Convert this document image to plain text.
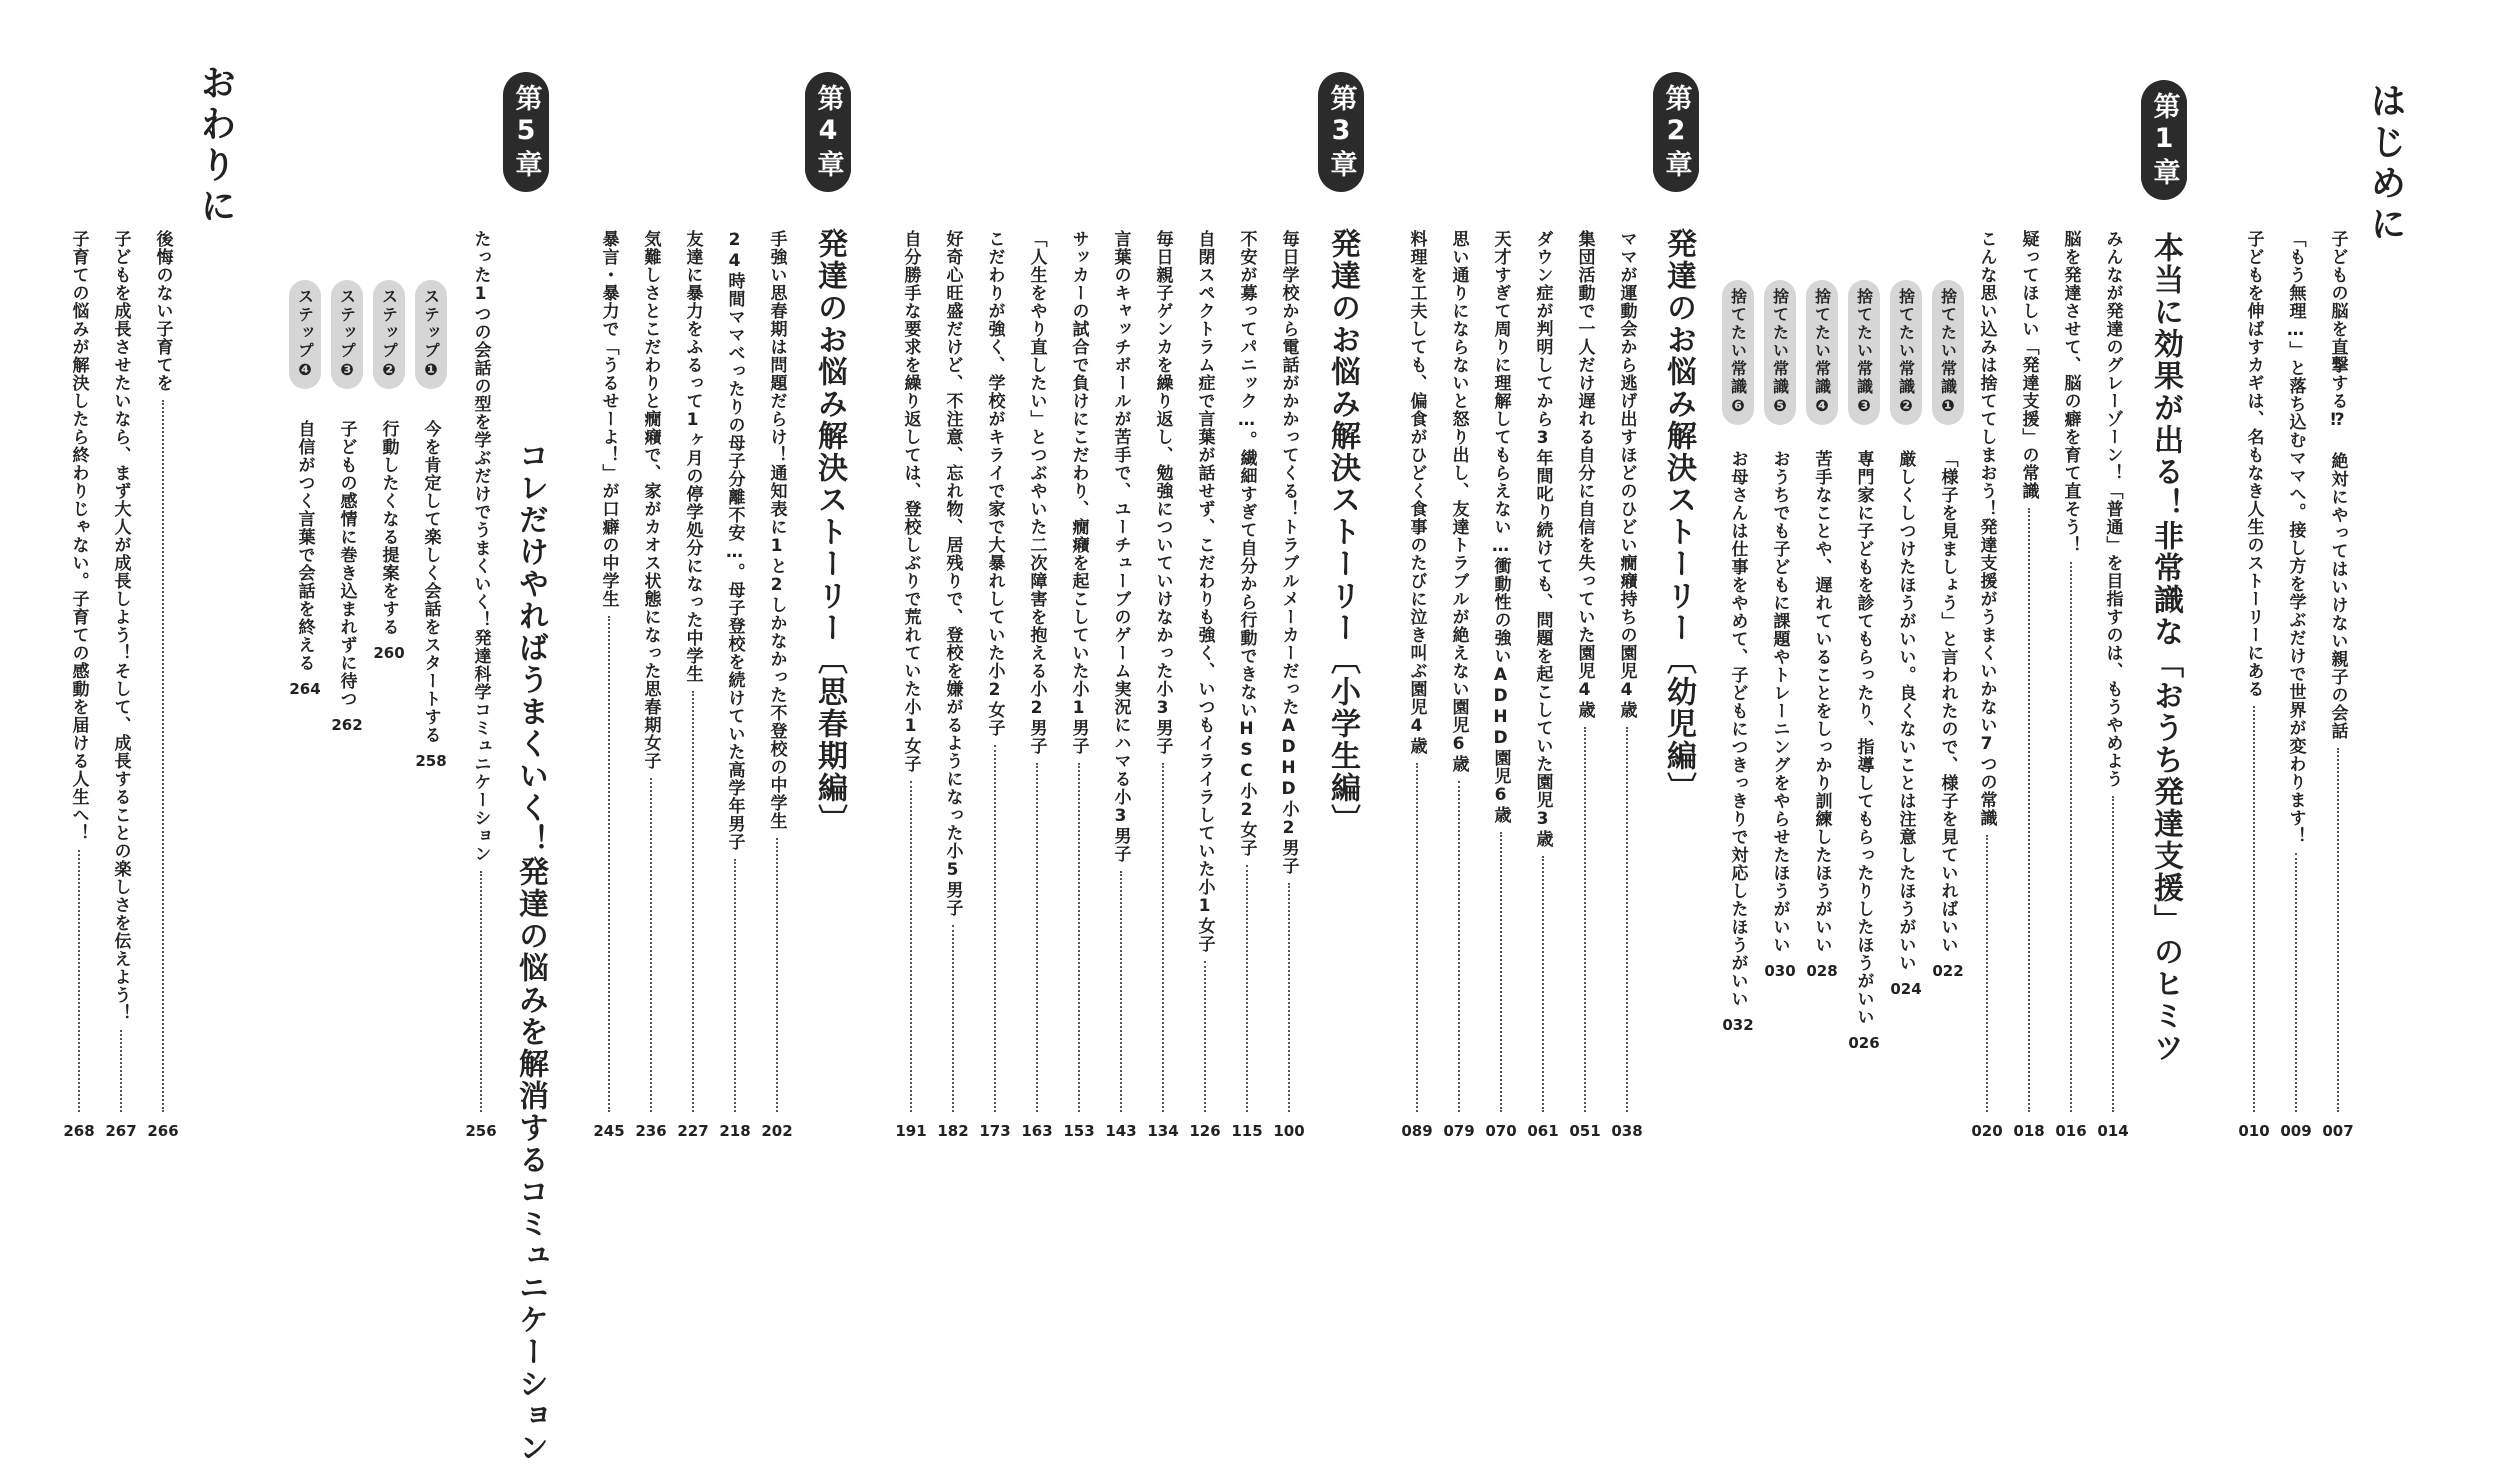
はじめに
子どもの脳を直撃する⁉ 絶対にやってはいけない親子の会話
007
「もう無理…」と落ち込むママへ。接し方を学ぶだけで世界が変わります！
009
子どもを伸ばすカギは、名もなき人生のストーリーにある
010
第1章
本当に効果が出る！非常識な「おうち発達支援」のヒミツ
みんなが発達のグレーゾーン！「普通」を目指すのは、もうやめよう
014
脳を発達させて、脳の癖を育て直そう！
016
疑ってほしい「発達支援」の常識
018
こんな思い込みは捨ててしまおう！発達支援がうまくいかない7つの常識
020
捨てたい常識❶
「様子を見ましょう」と言われたので、様子を見ていればいい
022
捨てたい常識❷
厳しくしつけたほうがいい。良くないことは注意したほうがいい
024
捨てたい常識❸
専門家に子どもを診てもらったり、指導してもらったりしたほうがいい
026
捨てたい常識❹
苦手なことや、遅れていることをしっかり訓練したほうがいい
028
捨てたい常識❺
おうちでも子どもに課題やトレーニングをやらせたほうがいい
030
捨てたい常識❻
お母さんは仕事をやめて、子どもにつきっきりで対応したほうがいい
032
第2章
発達のお悩み解決ストーリー〔幼児編〕
ママが運動会から逃げ出すほどのひどい癇癪持ちの園児4歳
038
集団活動で一人だけ遅れる自分に自信を失っていた園児4歳
051
ダウン症が判明してから3年間叱り続けても、問題を起こしていた園児3歳
061
天才すぎて周りに理解してもらえない…衝動性の強いADHD園児6歳
070
思い通りにならないと怒り出し、友達トラブルが絶えない園児6歳
079
料理を工夫しても、偏食がひどく食事のたびに泣き叫ぶ園児4歳
089
第3章
発達のお悩み解決ストーリー〔小学生編〕
毎日学校から電話がかかってくる！トラブルメーカーだったADHD小2男子
100
不安が募ってパニック…。繊細すぎて自分から行動できないHSC小2女子
115
自閉スペクトラム症で言葉が話せず、こだわりも強く、いつもイライラしていた小1女子
126
毎日親子ゲンカを繰り返し、勉強についていけなかった小3男子
134
言葉のキャッチボールが苦手で、ユーチューブのゲーム実況にハマる小3男子
143
サッカーの試合で負けにこだわり、癇癪を起こしていた小1男子
153
「人生をやり直したい」とつぶやいた二次障害を抱える小2男子
163
こだわりが強く、学校がキライで家で大暴れしていた小2女子
173
好奇心旺盛だけど、不注意、忘れ物、居残りで、登校を嫌がるようになった小5男子
182
自分勝手な要求を繰り返しては、登校しぶりで荒れていた小1女子
191
第4章
発達のお悩み解決ストーリー〔思春期編〕
手強い思春期は問題だらけ！通知表に1と2しかなかった不登校の中学生
202
24時間ママべったりの母子分離不安…。母子登校を続けていた高学年男子
218
友達に暴力をふるって1ヶ月の停学処分になった中学生
227
気難しさとこだわりと癇癪で、家がカオス状態になった思春期女子
236
暴言・暴力で「うるせーよ！」が口癖の中学生
245
第5章
コレだけやればうまくいく！発達の悩みを解消するコミュニケーション
たった1つの会話の型を学ぶだけでうまくいく！発達科学コミュニケーション
256
ステップ❶
今を肯定して楽しく会話をスタートする
258
ステップ❷
行動したくなる提案をする
260
ステップ❸
子どもの感情に巻き込まれずに待つ
262
ステップ❹
自信がつく言葉で会話を終える
264
おわりに
後悔のない子育てを
266
子どもを成長させたいなら、まず大人が成長しよう！そして、成長することの楽しさを伝えよう！
267
子育ての悩みが解決したら終わりじゃない。子育ての感動を届ける人生へ！
268
